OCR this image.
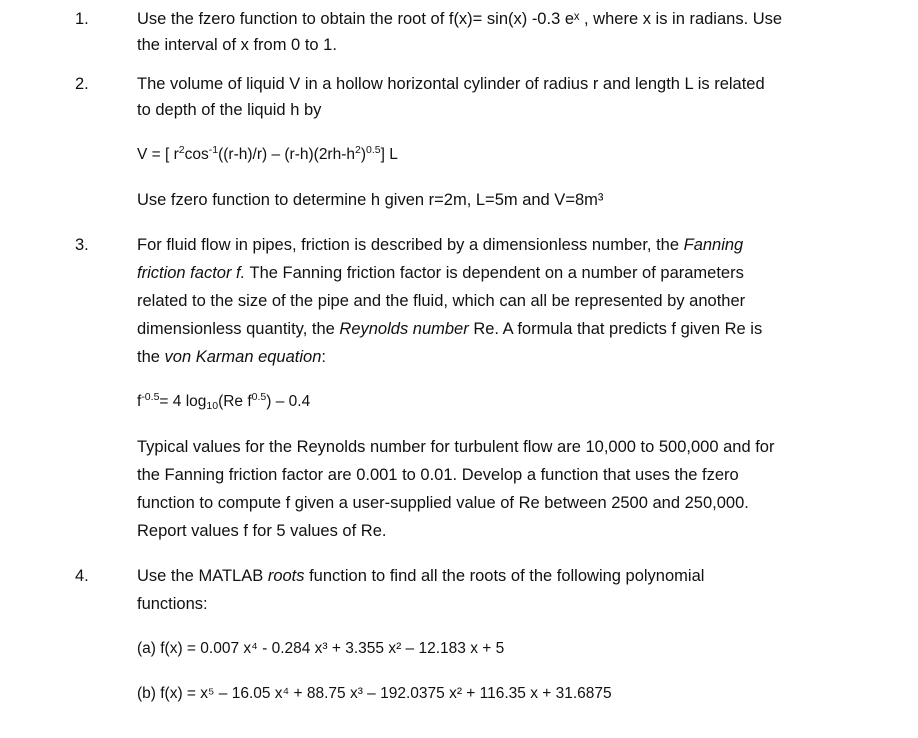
1.	Use the fzero function to obtain the root of f(x)= sin(x) -0.3 eˣ , where x is in radians. Use
the interval of x from 0 to 1.
2.	The volume of liquid V in a hollow horizontal cylinder of radius r and length L is related
to depth of the liquid h by
V = [ $r^2\cos^{-1}((r-h)/r) - (r-h)(2rh-h^2)^{0.5}$] L
Use fzero function to determine h given r=2m, L=5m and V=8m³
3.	For fluid flow in pipes, friction is described by a dimensionless number, the Fanning
friction factor f. The Fanning friction factor is dependent on a number of parameters
related to the size of the pipe and the fluid, which can all be represented by another
dimensionless quantity, the Reynolds number Re. A formula that predicts f given Re is
the von Karman equation:
$f^{-0.5}= 4$ $\log_{10}(Re$ $f^{0.5}) - 0.4$
Typical values for the Reynolds number for turbulent flow are 10,000 to 500,000 and for
the Fanning friction factor are 0.001 to 0.01. Develop a function that uses the fzero
function to compute f given a user-supplied value of Re between 2500 and 250,000.
Report values f for 5 values of Re.
4.	Use the MATLAB roots function to find all the roots of the following polynomial
functions:
(a) f(x) = 0.007 x⁴ - 0.284 x³ + 3.355 x² – 12.183 x + 5
(b) f(x) = x⁵ – 16.05 x⁴ + 88.75 x³ – 192.0375 x² + 116.35 x + 31.6875
